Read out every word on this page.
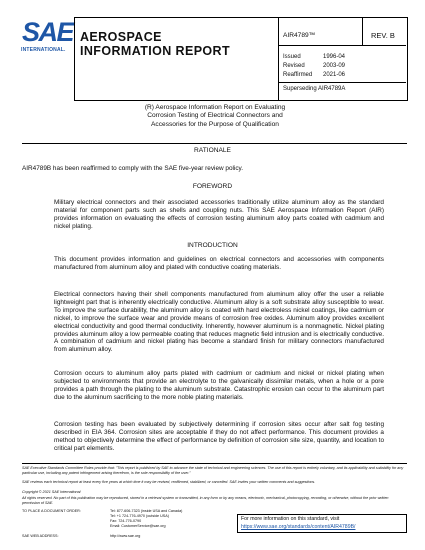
SAE
INTERNATIONAL.
AEROSPACE
INFORMATION REPORT
AIR4789™	REV. B
Issued	1996-04
Revised	2003-09
Reaffirmed 2021-06
Superseding AIR4789A
(R) Aerospace Information Report on Evaluating
Corrosion Testing of Electrical Connectors and
Accessories for the Purpose of Qualification
RATIONALE
AIR4789B has been reaffirmed to comply with the SAE five-year review policy.
FOREWORD
Military electrical connectors and their associated accessories traditionally utilize aluminum alloy as the standard material for component parts such as shells and coupling nuts. This SAE Aerospace Information Report (AIR) provides information on evaluating the effects of corrosion testing aluminum alloy parts coated with cadmium and nickel plating.
INTRODUCTION
This document provides information and guidelines on electrical connectors and accessories with components manufactured from aluminum alloy and plated with conductive coating materials.
Electrical connectors having their shell components manufactured from aluminum alloy offer the user a reliable lightweight part that is inherently electrically conductive. Aluminum alloy is a soft substrate alloy susceptible to wear. To improve the surface durability, the aluminum alloy is coated with hard electroless nickel coatings, like cadmium or nickel, to improve the surface wear and provide means of corrosion free oxides. Aluminum alloy provides excellent electrical conductivity and good thermal conductivity. Inherently, however aluminum is a nonmagnetic. Nickel plating provides aluminum alloy a low permeable coating that reduces magnetic field intrusion and is electrically conductive. A combination of cadmium and nickel plating has become a standard finish for military connectors manufactured from aluminum alloy.
Corrosion occurs to aluminum alloy parts plated with cadmium or cadmium and nickel or nickel plating when subjected to environments that provide an electrolyte to the galvanically dissimilar metals, when a hole or a pore provides a path through the plating to the aluminum substrate. Catastrophic erosion can occur to the aluminum part due to the aluminum sacrificing to the more noble plating materials.
Corrosion testing has been evaluated by subjectively determining if corrosion sites occur after salt fog testing described in EIA 364. Corrosion sites are acceptable if they do not affect performance. This document provides a method to objectively determine the effect of performance by definition of corrosion site size, quantity, and location to critical part elements.
SAE Executive Standards Committee Rules provide that: "This report is published by SAE to advance the state of technical and engineering sciences. The use of this report is entirely voluntary, and its applicability and suitability for any particular use, including any patent infringement arising therefrom, is the sole responsibility of the user."
SAE reviews each technical report at least every five years at which time it may be revised, reaffirmed, stabilized, or cancelled. SAE invites your written comments and suggestions.
Copyright © 2021 SAE International
All rights reserved. No part of this publication may be reproduced, stored in a retrieval system or transmitted, in any form or by any means, electronic, mechanical, photocopying, recording, or otherwise, without the prior written permission of SAE.
TO PLACE A DOCUMENT ORDER:	Tel: 877-606-7323 (inside USA and Canada)
Tel: +1 724-776-4970 (outside USA)
Fax: 724-776-0790
Email: CustomerService@sae.org
SAE WEB ADDRESS:	http://www.sae.org
For more information on this standard, visit
https://www.sae.org/standards/content/AIR4789B/
